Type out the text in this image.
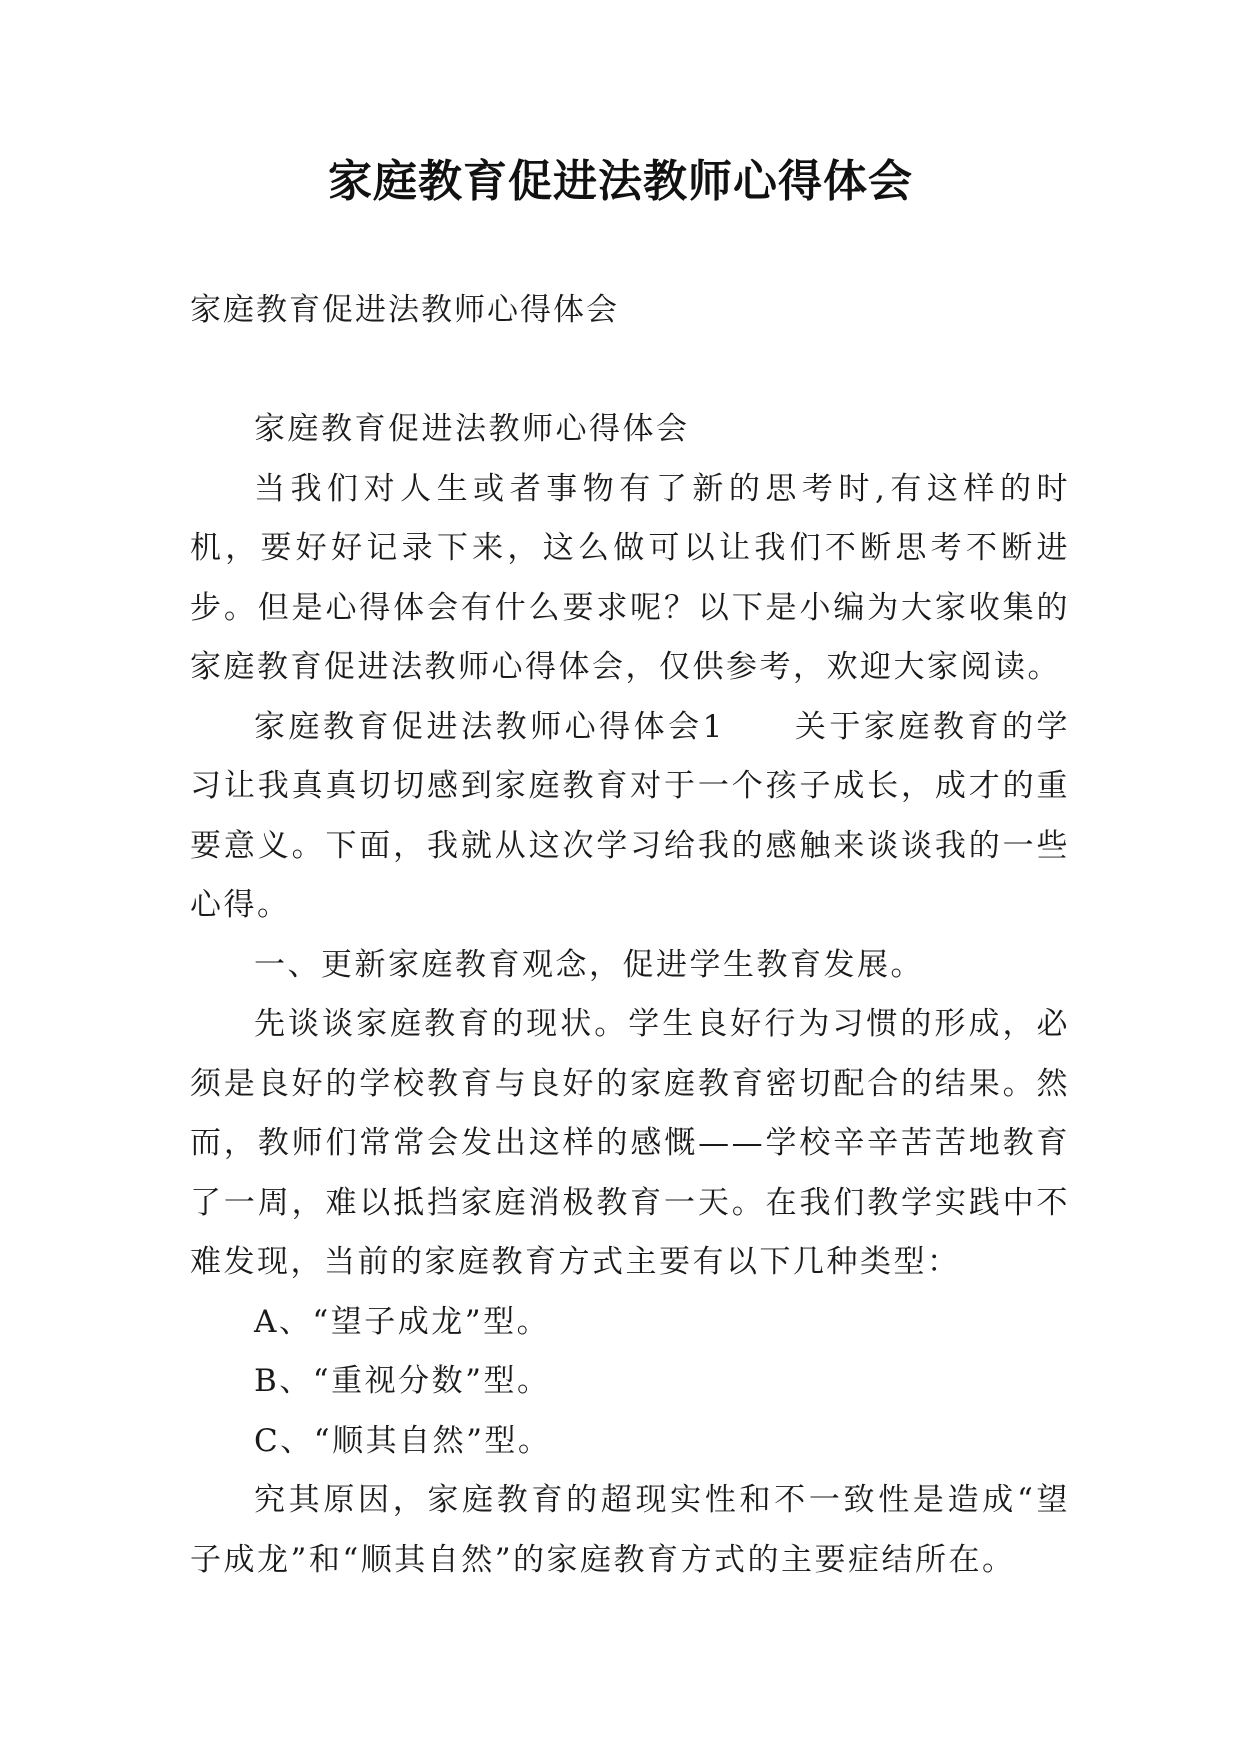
家庭教育促进法教师心得体会

家庭教育促进法教师心得体会

家庭教育促进法教师心得体会

当我们对人生或者事物有了新的思考时,有这样的时机，要好好记录下来，这么做可以让我们不断思考不断进步。但是心得体会有什么要求呢？以下是小编为大家收集的家庭教育促进法教师心得体会，仅供参考，欢迎大家阅读。

家庭教育促进法教师心得体会1　　关于家庭教育的学习让我真真切切感到家庭教育对于一个孩子成长，成才的重要意义。下面，我就从这次学习给我的感触来谈谈我的一些心得。

一、更新家庭教育观念，促进学生教育发展。

先谈谈家庭教育的现状。学生良好行为习惯的形成，必须是良好的学校教育与良好的家庭教育密切配合的结果。然而，教师们常常会发出这样的感慨——学校辛辛苦苦地教育了一周，难以抵挡家庭消极教育一天。在我们教学实践中不难发现，当前的家庭教育方式主要有以下几种类型：

A、“望子成龙”型。

B、“重视分数”型。

C、“顺其自然”型。

究其原因，家庭教育的超现实性和不一致性是造成“望子成龙”和“顺其自然”的家庭教育方式的主要症结所在。
